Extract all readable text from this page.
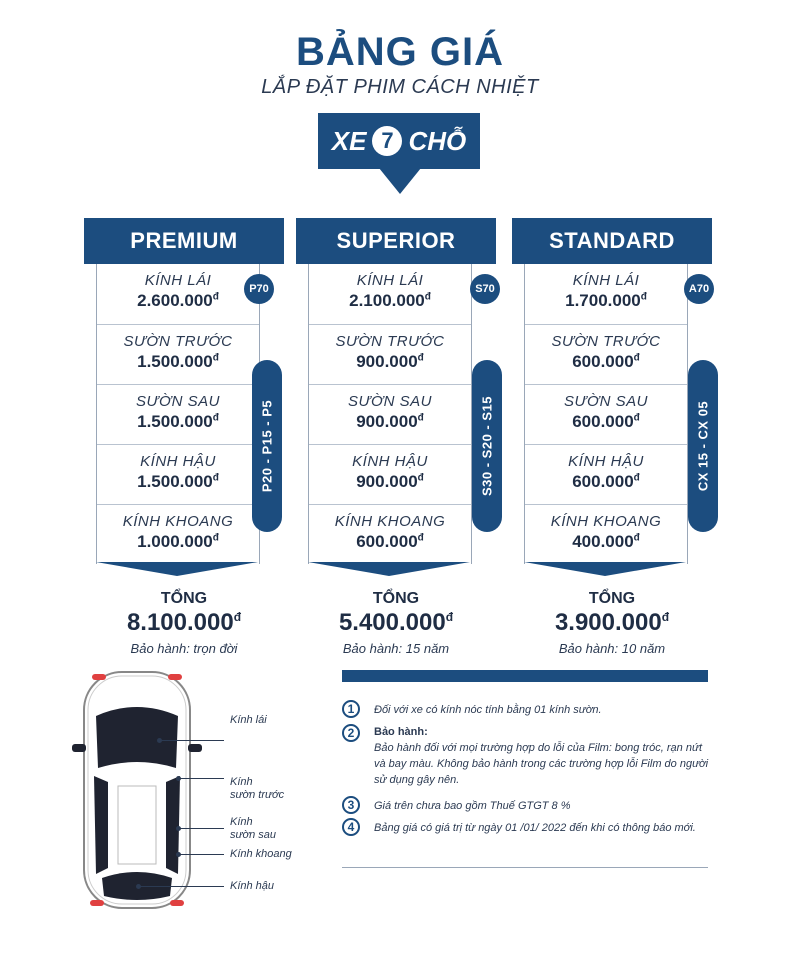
BẢNG GIÁ
LẮP ĐẶT PHIM CÁCH NHIỆT
XE 7 CHỖ
PREMIUM
KÍNH LÁI
$2.600.000^đ$
SƯỜN TRƯỚC
$1.500.000^đ$
SƯỜN SAU
$1.500.000^đ$
KÍNH HẬU
$1.500.000^đ$
KÍNH KHOANG
$1.000.000^đ$
P70
P20 - P15 - P5
TỔNG
$8.100.000^đ$
Bảo hành: trọn đời
SUPERIOR
KÍNH LÁI
$2.100.000^đ$
SƯỜN TRƯỚC
$900.000^đ$
SƯỜN SAU
$900.000^đ$
KÍNH HẬU
$900.000^đ$
KÍNH KHOANG
$600.000^đ$
S70
S30 - S20 - S15
TỔNG
$5.400.000^đ$
Bảo hành: 15 năm
STANDARD
KÍNH LÁI
$1.700.000^đ$
SƯỜN TRƯỚC
$600.000^đ$
SƯỜN SAU
$600.000^đ$
KÍNH HẬU
$600.000^đ$
KÍNH KHOANG
$400.000^đ$
A70
CX 15 - CX 05
TỔNG
$3.900.000^đ$
Bảo hành: 10 năm
Kính lái
Kính
sườn trước
Kính
sườn sau
Kính khoang
Kính hậu
1	Đối với xe có kính nóc tính bằng 01 kính sườn.
2	Bảo hành:
Bảo hành đối với mọi trường hợp do lỗi của Film: bong tróc, rạn nứt và bay màu. Không bảo hành trong các trường hợp lỗi Film do người sử dụng gây nên.
3	Giá trên chưa bao gồm Thuế GTGT 8 %
4	Bảng giá có giá trị từ ngày 01 /01/ 2022 đến khi có thông báo mới.
